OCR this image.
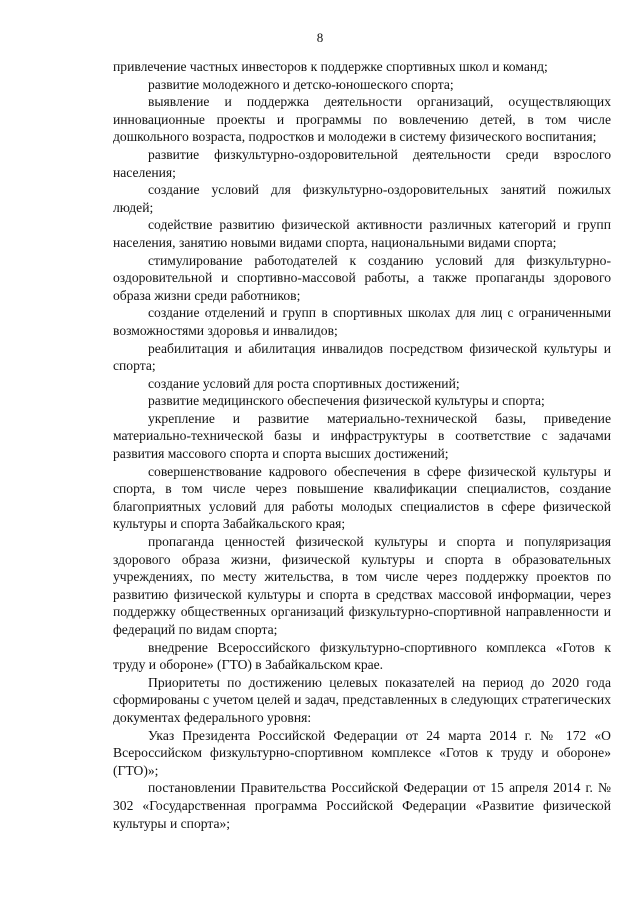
8

привлечение частных инвесторов к поддержке спортивных школ и команд;

развитие молодежного и детско-юношеского спорта;

выявление и поддержка деятельности организаций, осуществляющих инновационные проекты и программы по вовлечению детей, в том числе дошкольного возраста, подростков и молодежи в систему физического воспитания;

развитие физкультурно-оздоровительной деятельности среди взрослого населения;

создание условий для физкультурно-оздоровительных занятий пожилых людей;

содействие развитию физической активности различных категорий и групп населения, занятию новыми видами спорта, национальными видами спорта;

стимулирование работодателей к созданию условий для физкультурно-оздоровительной и спортивно-массовой работы, а также пропаганды здорового образа жизни среди работников;

создание отделений и групп в спортивных школах для лиц с ограниченными возможностями здоровья и инвалидов;

реабилитация и абилитация инвалидов посредством физической культуры и спорта;

создание условий для роста спортивных достижений;

развитие медицинского обеспечения физической культуры и спорта;

укрепление и развитие материально-технической базы, приведение материально-технической базы и инфраструктуры в соответствие с задачами развития массового спорта и спорта высших достижений;

совершенствование кадрового обеспечения в сфере физической культуры и спорта, в том числе через повышение квалификации специалистов, создание благоприятных условий для работы молодых специалистов в сфере физической культуры и спорта Забайкальского края;

пропаганда ценностей физической культуры и спорта и популяризация здорового образа жизни, физической культуры и спорта в образовательных учреждениях, по месту жительства, в том числе через поддержку проектов по развитию физической культуры и спорта в средствах массовой информации, через поддержку общественных организаций физкультурно-спортивной направленности и федераций по видам спорта;

внедрение Всероссийского физкультурно-спортивного комплекса «Готов к труду и обороне» (ГТО) в Забайкальском крае.

Приоритеты по достижению целевых показателей на период до 2020 года сформированы с учетом целей и задач, представленных в следующих стратегических документах федерального уровня:

Указ Президента Российской Федерации от 24 марта 2014 г. № 172 «О Всероссийском физкультурно-спортивном комплексе «Готов к труду и обороне» (ГТО)»;

постановлении Правительства Российской Федерации от 15 апреля 2014 г. № 302 «Государственная программа Российской Федерации «Развитие физической культуры и спорта»;
